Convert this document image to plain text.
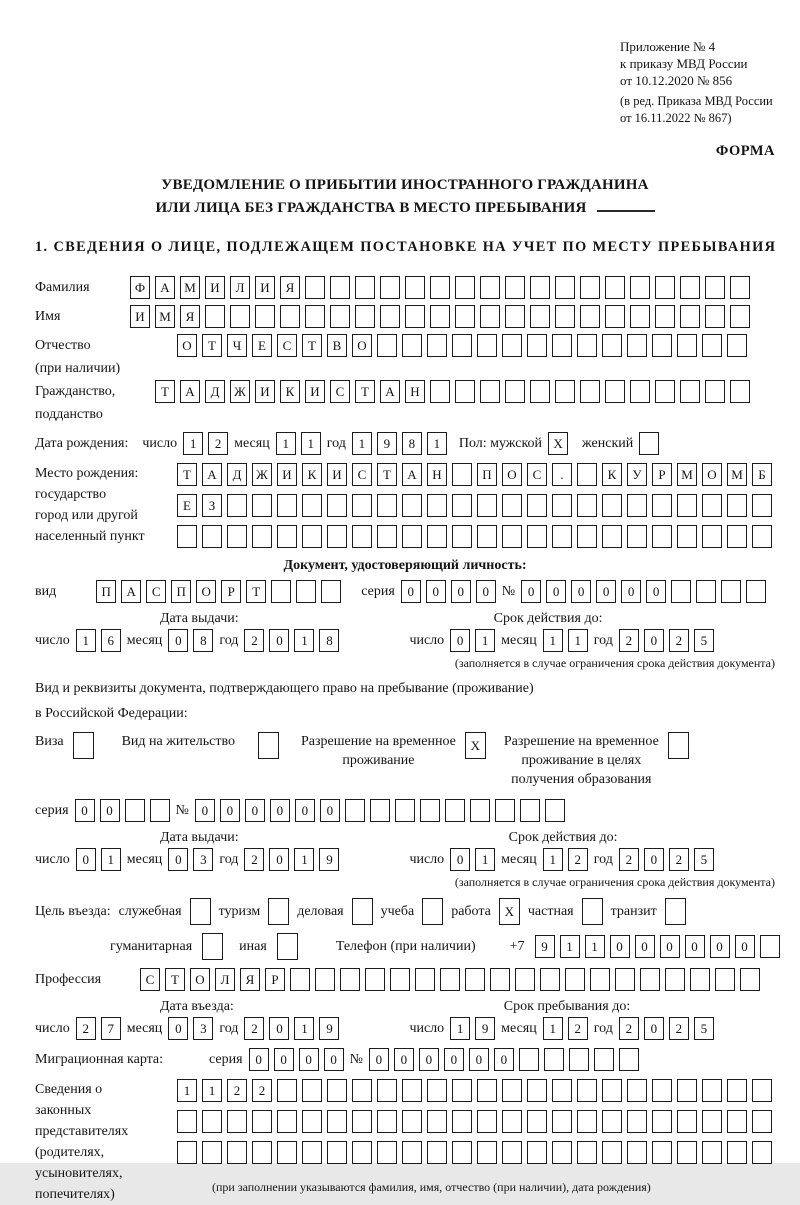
Приложение № 4
к приказу МВД России
от 10.12.2020 № 856
(в ред. Приказа МВД России
от 16.11.2022 № 867)
ФОРМА
УВЕДОМЛЕНИЕ О ПРИБЫТИИ ИНОСТРАННОГО ГРАЖДАНИНА
ИЛИ ЛИЦА БЕЗ ГРАЖДАНСТВА В МЕСТО ПРЕБЫВАНИЯ
1. СВЕДЕНИЯ О ЛИЦЕ, ПОДЛЕЖАЩЕМ ПОСТАНОВКЕ НА УЧЕТ ПО МЕСТУ ПРЕБЫВАНИЯ
Фамилия	Ф	А	М	И	Л	И	Я
Имя	И	М	Я
Отчество
(при наличии)
О	Т	Ч	Е	С	Т	В	О
Гражданство,
подданство
Т	А	Д	Ж	И	К	И	С	Т	А	Н
Дата рождения: число 1	2 месяц 1	1 год 1	9	8	1	Пол: мужской X	женский
Место рождения:
государство
город или другой
населенный пункт
Т	А	Д	Ж	И	К	И	С	Т	А	Н	П	О	С	.	К	У	Р	М	О	М	Б
Е	З
Документ, удостоверяющий личность:
вид	П	А	С	П	О	Р	Т	серия 0	0	0	0 № 0	0	0	0	0	0
Дата выдачи:	Срок действия до:
число 1	6 месяц 0	8 год 2	0	1	8	число 0	1 месяц 1	1 год 2	0	2	5
(заполняется в случае ограничения срока действия документа)
Вид и реквизиты документа, подтверждающего право на пребывание (проживание)
в Российской Федерации:
Виза	Вид на жительство	Разрешение на временное
проживание
X	Разрешение на временное
проживание в целях
получения образования
серия 0	0	№ 0	0	0	0	0	0
Дата выдачи:	Срок действия до:
число 0	1 месяц 0	3 год 2	0	1	9	число 0	1 месяц 1	2 год 2	0	2	5
(заполняется в случае ограничения срока действия документа)
Цель въезда: служебная	туризм	деловая	учеба	работа	X частная	транзит
гуманитарная	иная	Телефон (при наличии) +7	9	1	1	0	0	0	0	0	0
Профессия	С	Т	О	Л	Я	Р
Дата въезда:	Срок пребывания до:
число 2	7 месяц 0	3 год 2	0	1	9	число 1	9 месяц 1	2 год 2	0	2	5
Миграционная карта:	серия 0	0	0	0 № 0	0	0	0	0	0
Сведения о
законных
представителях
(родителях,
усыновителях,
попечителях)
1	1	2	2
(при заполнении указываются фамилия, имя, отчество (при наличии), дата рождения)
